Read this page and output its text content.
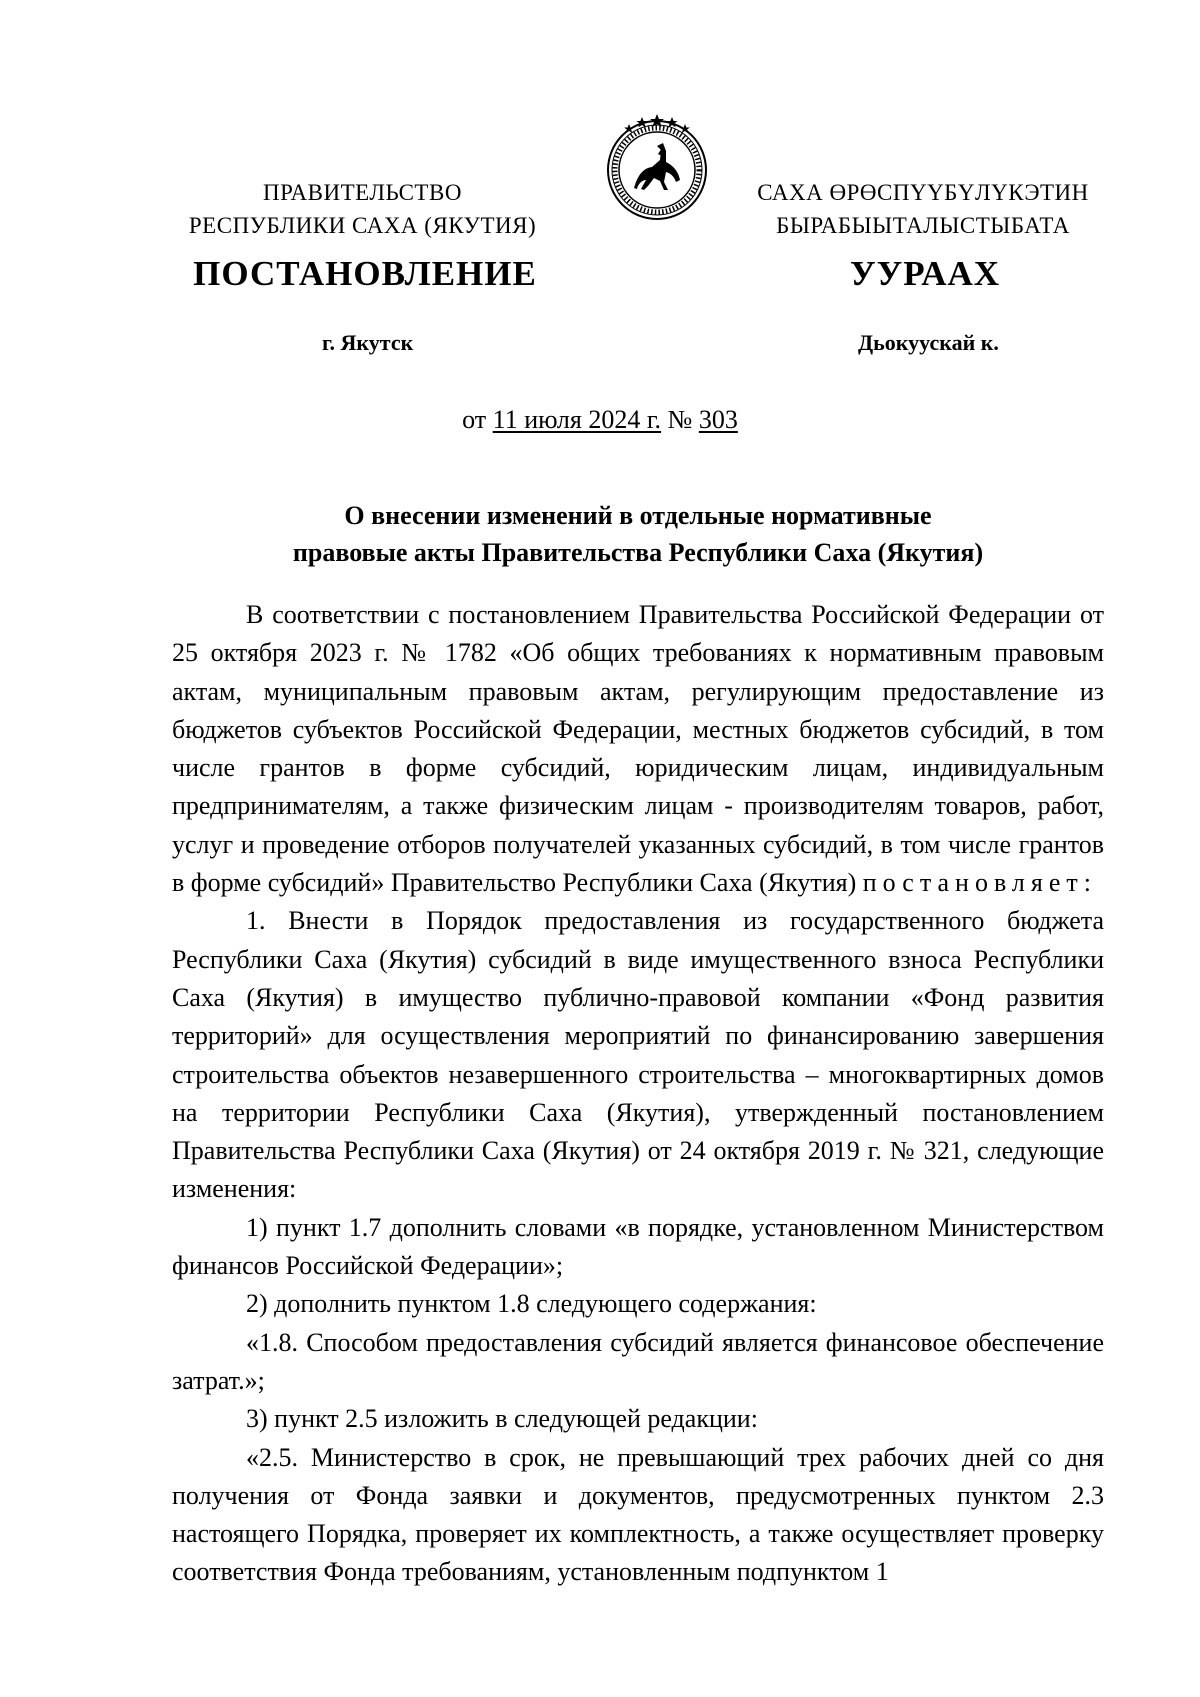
ПРАВИТЕЛЬСТВО
РЕСПУБЛИКИ САХА (ЯКУТИЯ)
САХА ӨРӨСПҮҮБҮЛҮКЭТИН
БЫРАБЫЫТАЛЫСТЫБАТА
ПОСТАНОВЛЕНИЕ	УУРААХ
г. Якутск	Дьокуускай к.
от 11 июля 2024 г. № 303
О внесении изменений в отдельные нормативные
правовые акты Правительства Республики Саха (Якутия)

В соответствии с постановлением Правительства Российской Федерации от 25 октября 2023 г. № 1782 «Об общих требованиях к нормативным правовым актам, муниципальным правовым актам, регулирующим предоставление из бюджетов субъектов Российской Федерации, местных бюджетов субсидий, в том числе грантов в форме субсидий, юридическим лицам, индивидуальным предпринимателям, а также физическим лицам - производителям товаров, работ, услуг и проведение отборов получателей указанных субсидий, в том числе грантов в форме субсидий» Правительство Республики Саха (Якутия) постановляет:

1. Внести в Порядок предоставления из государственного бюджета Республики Саха (Якутия) субсидий в виде имущественного взноса Республики Саха (Якутия) в имущество публично-правовой компании «Фонд развития территорий» для осуществления мероприятий по финансированию завершения строительства объектов незавершенного строительства – многоквартирных домов на территории Республики Саха (Якутия), утвержденный постановлением Правительства Республики Саха (Якутия) от 24 октября 2019 г. № 321, следующие изменения:

1) пункт 1.7 дополнить словами «в порядке, установленном Министерством финансов Российской Федерации»;

2) дополнить пунктом 1.8 следующего содержания:

«1.8. Способом предоставления субсидий является финансовое обеспечение затрат.»;

3) пункт 2.5 изложить в следующей редакции:

«2.5. Министерство в срок, не превышающий трех рабочих дней со дня получения от Фонда заявки и документов, предусмотренных пунктом 2.3 настоящего Порядка, проверяет их комплектность, а также осуществляет проверку соответствия Фонда требованиям, установленным подпунктом 1
